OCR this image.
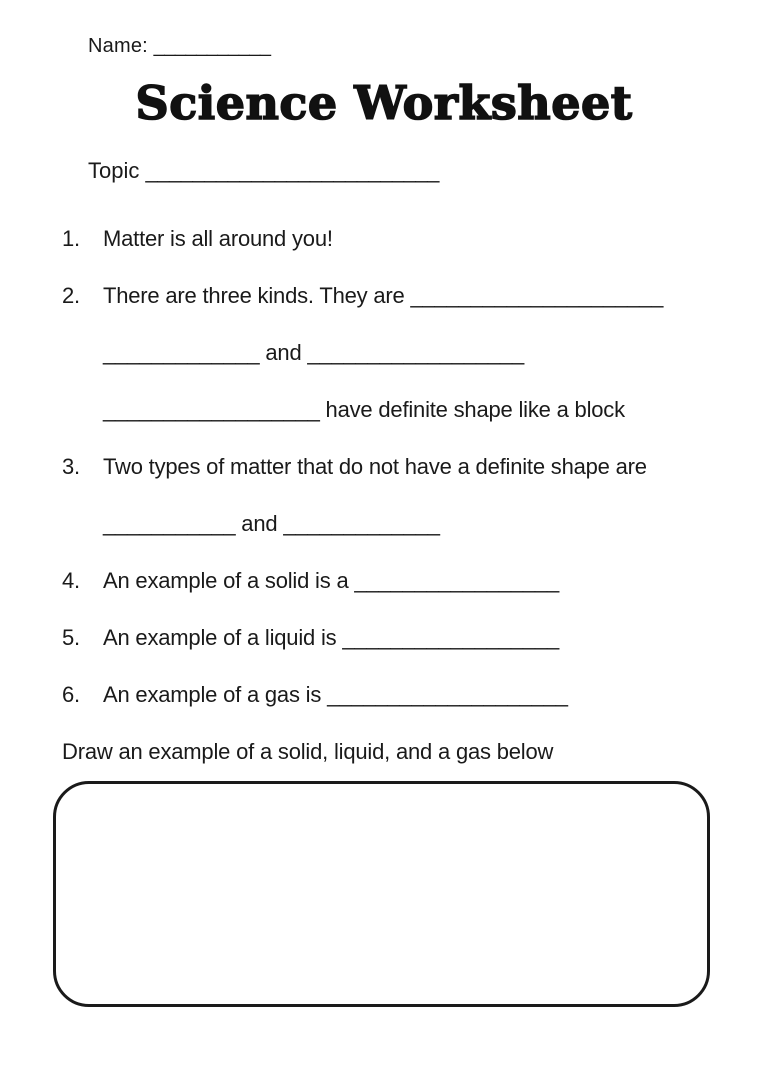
Name: ___________
Science Worksheet
Topic _________________________
1.	Matter is all around you!
2.	There are three kinds. They are _____________________
_____________ and __________________
__________________ have definite shape like a block
3.	Two types of matter that do not have a definite shape are
___________ and _____________
4.	An example of a solid is a _________________
5.	An example of a liquid is __________________
6.	An example of a gas is ____________________
Draw an example of a solid, liquid, and a gas below
